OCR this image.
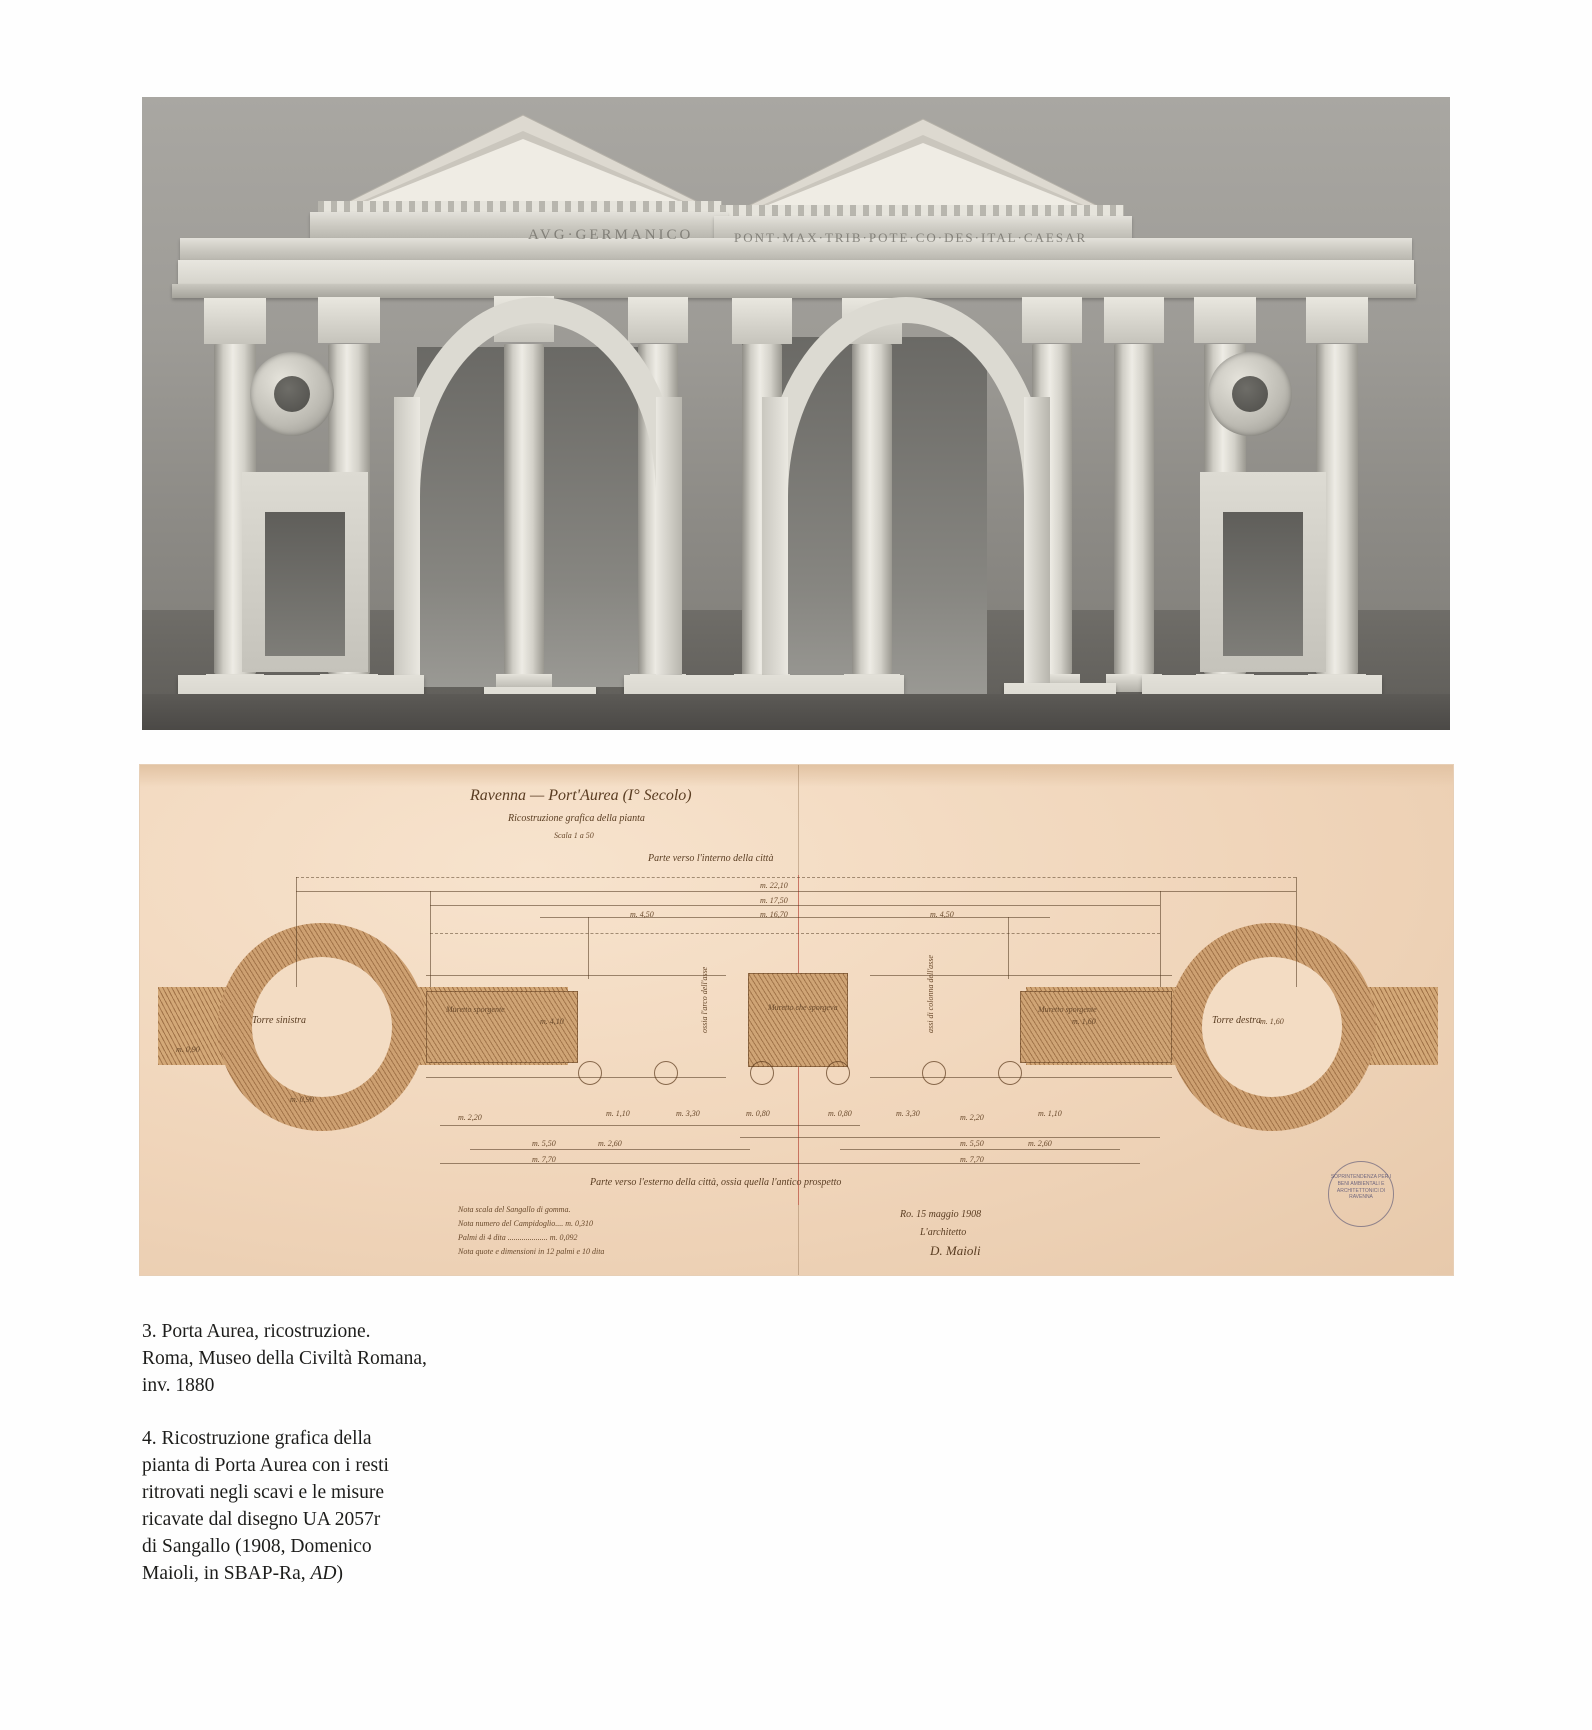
AVG·GERMANICO	PONT·MAX·TRIB·POTE·CO·DES·ITAL·CAESAR
Ravenna — Port'Aurea (I° Secolo)
Ricostruzione grafica della pianta
Scala 1 a 50
Parte verso l'interno della città
Parte verso l'esterno della città, ossia quella l'antico prospetto
Torre sinistra	Torre destra
Muretto sporgente	Muretto sporgente
Muretto che sporgeva
ossia l'arco dell'asse	assi di colonna dell'asse
m. 22,10
m. 17,50
m. 16,70
m. 4,50	m. 4,50
m. 4,10	m. 1,60	m. 1,60
m. 0,90
m. 0,90
m. 2,20	m. 2,20
m. 1,10	m. 1,10
m. 3,30	m. 3,30
m. 0,80	m. 0,80
m. 5,50	m. 5,50
m. 2,60	m. 2,60
m. 7,70	m. 7,70
Nota scala del Sangallo di gomma.
Nota numero del Campidoglio.... m. 0,310
Palmi di 4 dita .................... m. 0,092
Nota quote e dimensioni in 12 palmi e 10 dita
Ro. 15 maggio 1908
L'architetto
D. Maioli
SOPRINTENDENZA PER I BENI AMBIENTALI E ARCHITETTONICI DI RAVENNA

3. Porta Aurea, ricostruzione.

Roma, Museo della Civiltà Romana,

inv. 1880

4. Ricostruzione grafica della

pianta di Porta Aurea con i resti

ritrovati negli scavi e le misure

ricavate dal disegno UA 2057r

di Sangallo (1908, Domenico

Maioli, in SBAP-Ra, AD)
